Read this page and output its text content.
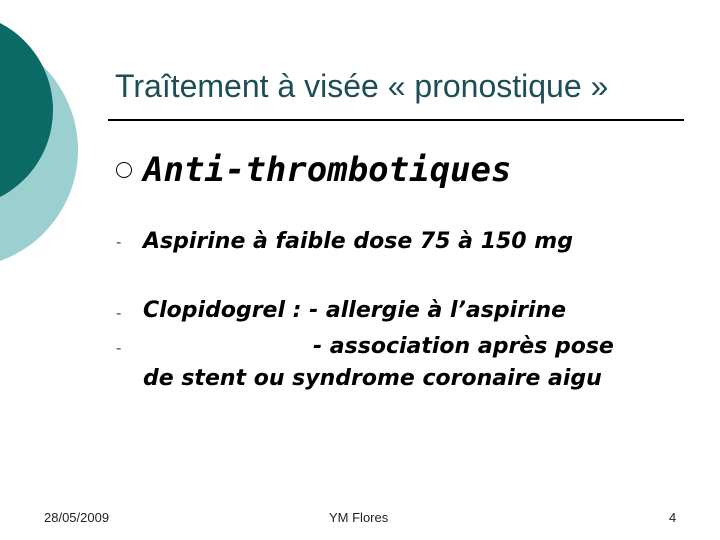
Traîtement à visée « pronostique »
Anti-thrombotiques
- Aspirine à faible dose 75 à 150 mg
- Clopidogrel : - allergie à l’aspirine
-	- association après pose
de stent ou syndrome coronaire aigu
28/05/2009	YM Flores	4
